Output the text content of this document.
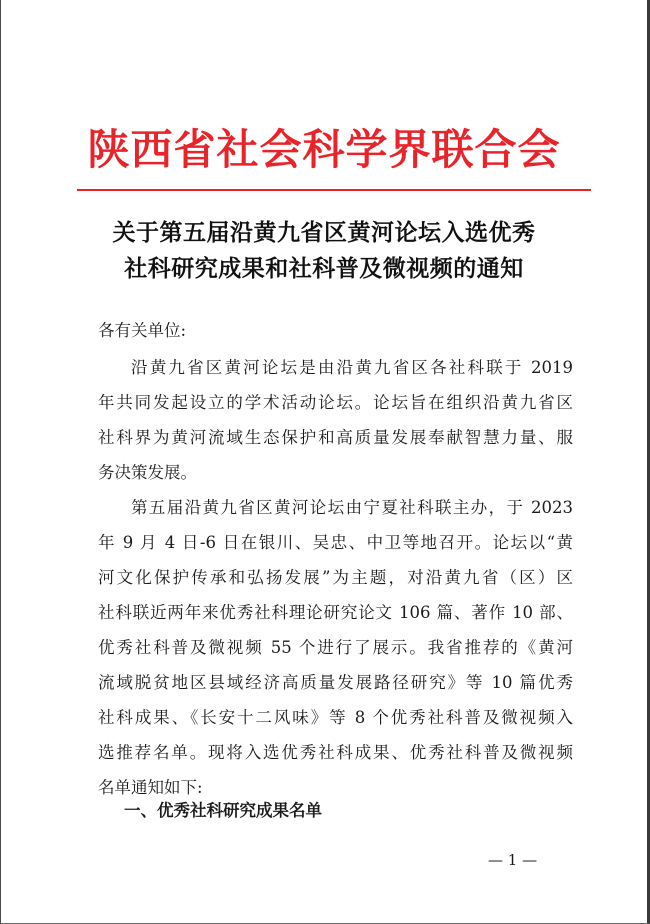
陕西省社会科学界联合会
关于第五届沿黄九省区黄河论坛入选优秀
社科研究成果和社科普及微视频的通知
各有关单位:
沿黄九省区黄河论坛是由沿黄九省区各社科联于 2019
年共同发起设立的学术活动论坛。论坛旨在组织沿黄九省区
社科界为黄河流域生态保护和高质量发展奉献智慧力量、服
务决策发展。
第五届沿黄九省区黄河论坛由宁夏社科联主办，于 2023
年 9 月 4 日-6 日在银川、吴忠、中卫等地召开。论坛以“黄
河文化保护传承和弘扬发展”为主题，对沿黄九省（区）区
社科联近两年来优秀社科理论研究论文 106 篇、著作 10 部、
优秀社科普及微视频 55 个进行了展示。我省推荐的《黄河
流域脱贫地区县域经济高质量发展路径研究》等 10 篇优秀
社科成果、《长安十二风味》等 8 个优秀社科普及微视频入
选推荐名单。现将入选优秀社科成果、优秀社科普及微视频
名单通知如下:
一、优秀社科研究成果名单
— 1 —
